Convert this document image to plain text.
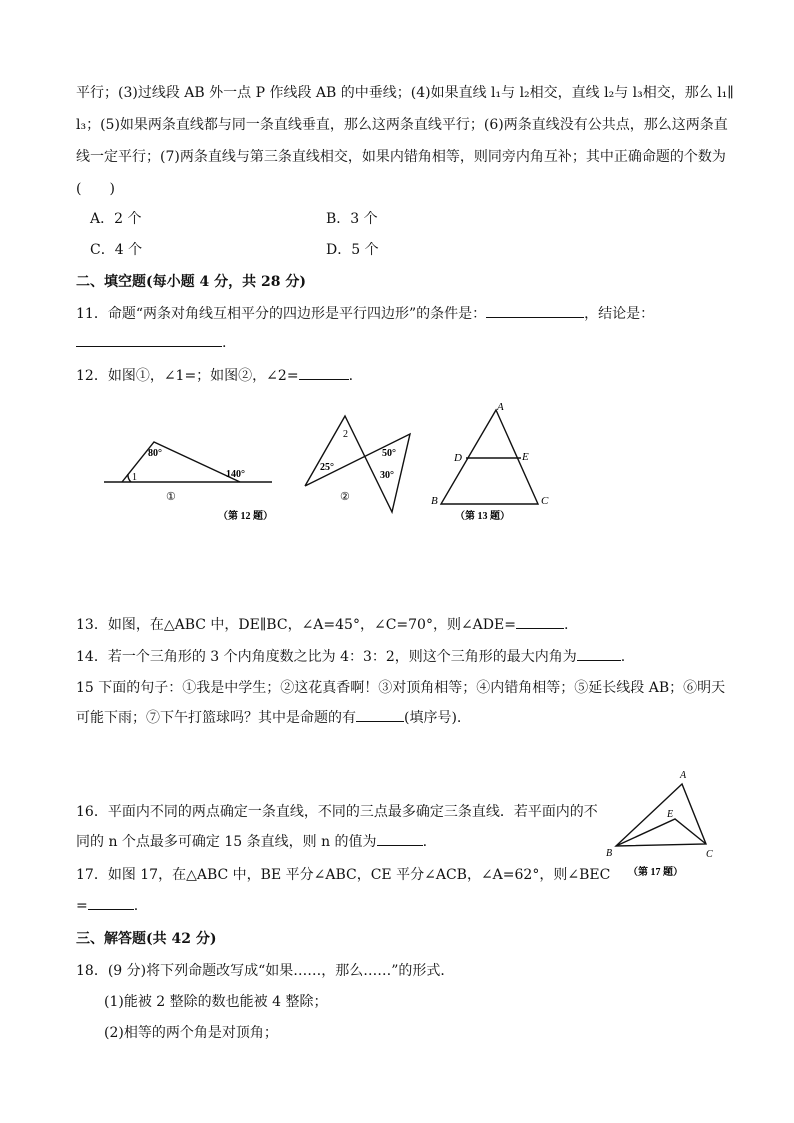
平行；(3)过线段 AB 外一点 P 作线段 AB 的中垂线；(4)如果直线 l₁与 l₂相交，直线 l₂与 l₃相交，那么 l₁∥
l₃；(5)如果两条直线都与同一条直线垂直，那么这两条直线平行；(6)两条直线没有公共点，那么这两条直
线一定平行；(7)两条直线与第三条直线相交，如果内错角相等，则同旁内角互补；其中正确命题的个数为
(　　)
A．2 个	B．3 个
C．4 个	D．5 个
二、填空题(每小题 4 分，共 28 分)
11．命题“两条对角线互相平分的四边形是平行四边形”的条件是：	，结论是：
.
12．如图①，∠1=；如图②，∠2=	.
80°
140°
1
①
2
25°
50°
30°
②
（第 12 题）
A
D	E
B	C
（第 13 题）
13．如图，在△ABC 中，DE∥BC，∠A=45°，∠C=70°，则∠ADE=	.
14．若一个三角形的 3 个内角度数之比为 4：3：2，则这个三角形的最大内角为	.
15 下面的句子：①我是中学生；②这花真香啊！③对顶角相等；④内错角相等；⑤延长线段 AB；⑥明天
可能下雨；⑦下午打篮球吗？其中是命题的有	(填序号).
16．平面内不同的两点确定一条直线，不同的三点最多确定三条直线．若平面内的不
同的 n 个点最多可确定 15 条直线，则 n 的值为	.
A
E
B	C
（第 17 题）
17．如图 17，在△ABC 中，BE 平分∠ABC，CE 平分∠ACB，∠A=62°，则∠BEC
=	.
三、解答题(共 42 分)
18．(9 分)将下列命题改写成“如果……，那么……”的形式．
(1)能被 2 整除的数也能被 4 整除；
(2)相等的两个角是对顶角；
